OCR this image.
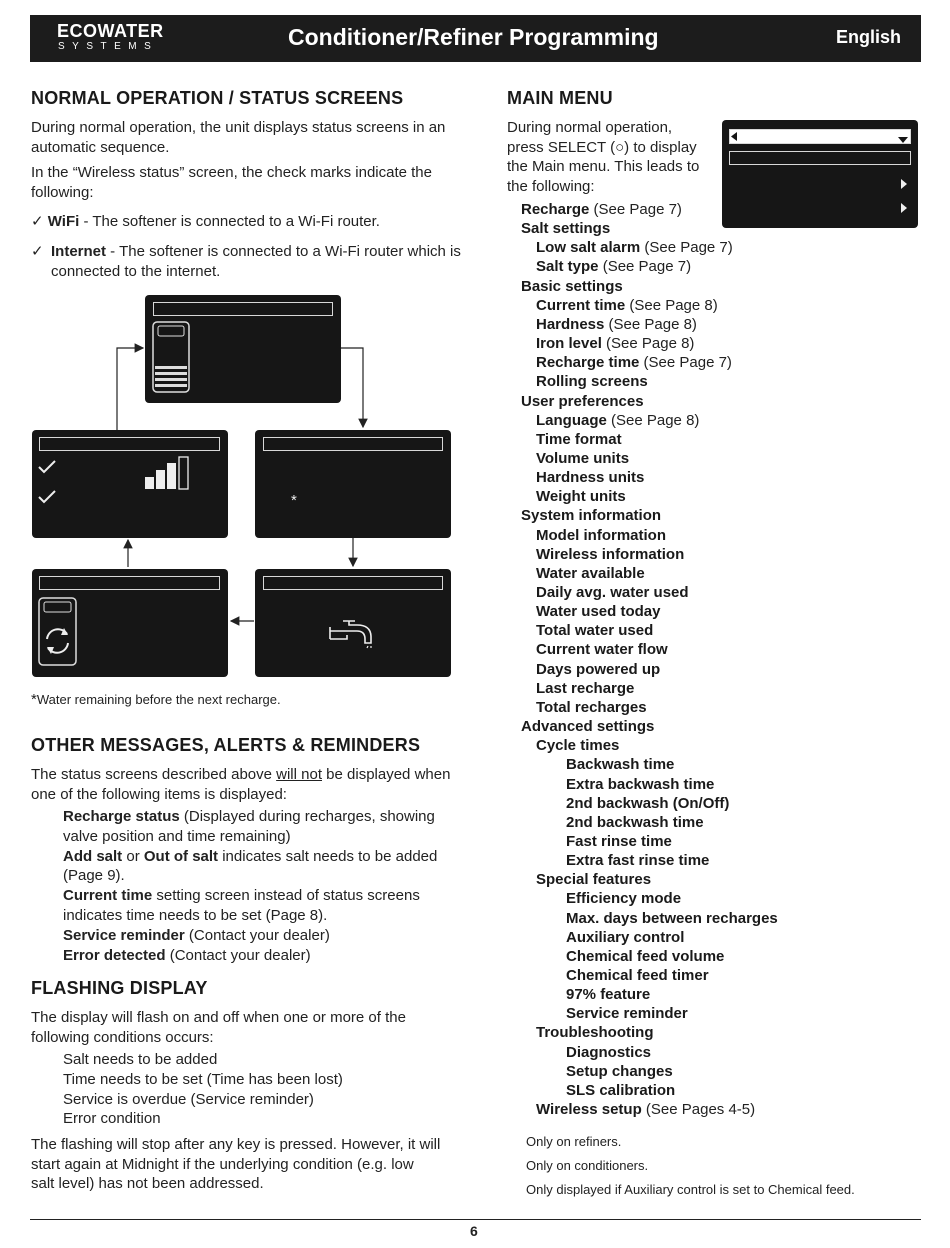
ECOWATER
SYSTEMS	Conditioner/Refiner Programming	English
NORMAL OPERATION / STATUS SCREENS

During normal operation, the unit displays status screens in an automatic sequence.

In the “Wireless status” screen, the check marks indicate the following:

✓ WiFi - The softener is connected to a Wi-Fi router.
✓ Internet - The softener is connected to a Wi-Fi router which is connected to the internet.
*
*Water remaining before the next recharge.
OTHER MESSAGES, ALERTS & REMINDERS

The status screens described above will not be displayed when one of the following items is displayed:

Recharge status (Displayed during recharges, showing valve position and time remaining)
Add salt or Out of salt indicates salt needs to be added (Page 9).
Current time setting screen instead of status screens indicates time needs to be set (Page 8).
Service reminder (Contact your dealer)
Error detected (Contact your dealer)
FLASHING DISPLAY

The display will flash on and off when one or more of the following conditions occurs:

Salt needs to be added
Time needs to be set (Time has been lost)
Service is overdue (Service reminder)
Error condition

The flashing will stop after any key is pressed. However, it will start again at Midnight if the underlying condition (e.g. low salt level) has not been addressed.

MAIN MENU

During normal operation, press SELECT (○) to display the Main menu. This leads to the following:

Recharge (See Page 7)
Salt settings
Low salt alarm (See Page 7)
Salt type (See Page 7)
Basic settings
Current time (See Page 8)
Hardness (See Page 8)
Iron level (See Page 8)
Recharge time (See Page 7)
Rolling screens
User preferences
Language (See Page 8)
Time format
Volume units
Hardness units
Weight units
System information
Model information
Wireless information
Water available
Daily avg. water used
Water used today
Total water used
Current water flow
Days powered up
Last recharge
Total recharges
Advanced settings
Cycle times
Backwash time
Extra backwash time
2nd backwash (On/Off)
2nd backwash time
Fast rinse time
Extra fast rinse time
Special features
Efficiency mode
Max. days between recharges
Auxiliary control
Chemical feed volume
Chemical feed timer
97% feature
Service reminder
Troubleshooting
Diagnostics
Setup changes
SLS calibration
Wireless setup (See Pages 4-5)
Only on refiners.
Only on conditioners.
Only displayed if Auxiliary control is set to Chemical feed.
6
